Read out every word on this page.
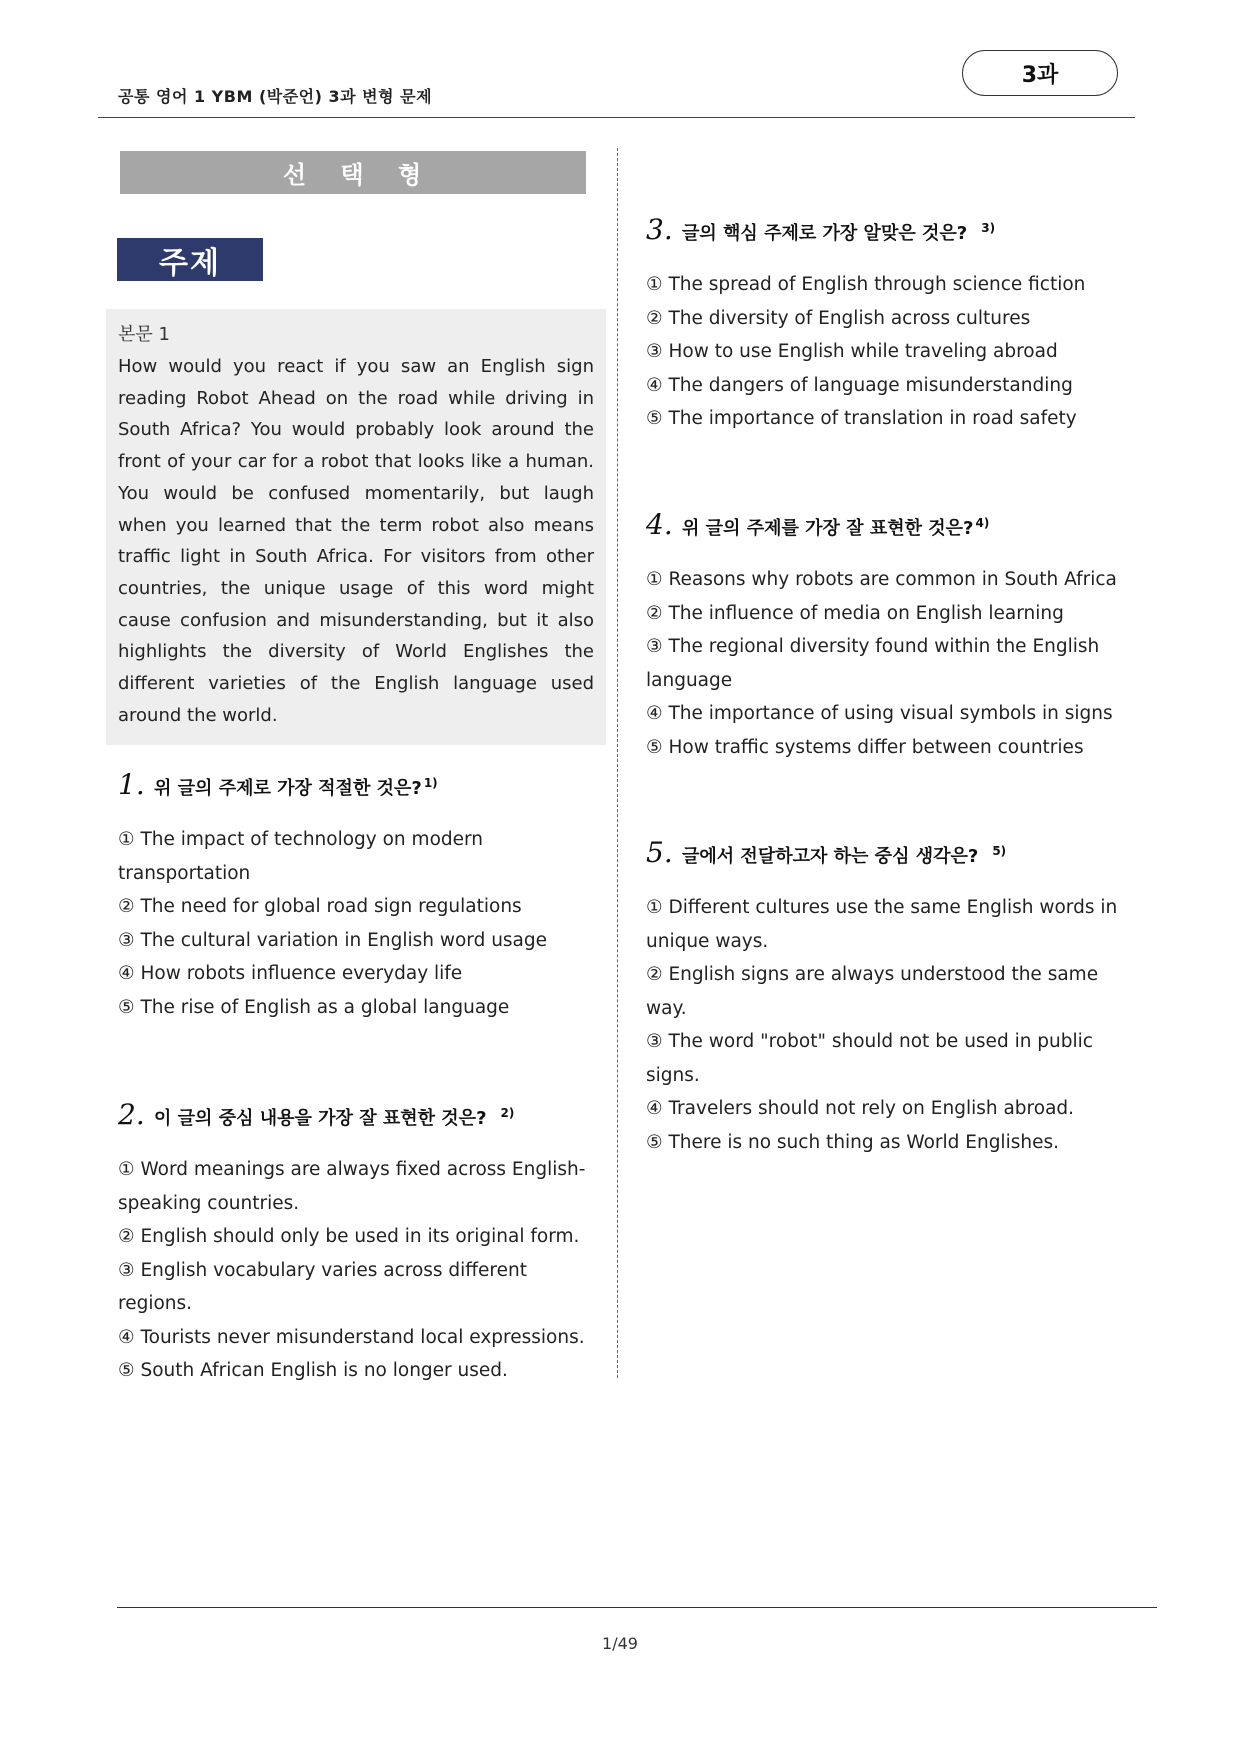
공통 영어 1 YBM (박준언) 3과 변형 문제
3과
선 택 형
주제
본문 1
How would you react if you saw an English sign reading Robot Ahead on the road while driving in South Africa? You would probably look around the front of your car for a robot that looks like a human. You would be confused momentarily, but laugh when you learned that the term robot also means traffic light in South Africa. For visitors from other countries, the unique usage of this word might cause confusion and misunderstanding, but it also highlights the diversity of World Englishes the different varieties of the English language used around the world.
1. 위 글의 주제로 가장 적절한 것은? $^{1)}$
① The impact of technology on modern transportation
② The need for global road sign regulations
③ The cultural variation in English word usage
④ How robots influence everyday life
⑤ The rise of English as a global language
2. 이 글의 중심 내용을 가장 잘 표현한 것은? $^{2)}$
① Word meanings are always fixed across English-speaking countries.
② English should only be used in its original form.
③ English vocabulary varies across different regions.
④ Tourists never misunderstand local expressions.
⑤ South African English is no longer used.
3. 글의 핵심 주제로 가장 알맞은 것은? $^{3)}$
① The spread of English through science fiction
② The diversity of English across cultures
③ How to use English while traveling abroad
④ The dangers of language misunderstanding
⑤ The importance of translation in road safety
4. 위 글의 주제를 가장 잘 표현한 것은? $^{4)}$
① Reasons why robots are common in South Africa
② The influence of media on English learning
③ The regional diversity found within the English language
④ The importance of using visual symbols in signs
⑤ How traffic systems differ between countries
5. 글에서 전달하고자 하는 중심 생각은? $^{5)}$
① Different cultures use the same English words in unique ways.
② English signs are always understood the same way.
③ The word "robot" should not be used in public signs.
④ Travelers should not rely on English abroad.
⑤ There is no such thing as World Englishes.
1/49
